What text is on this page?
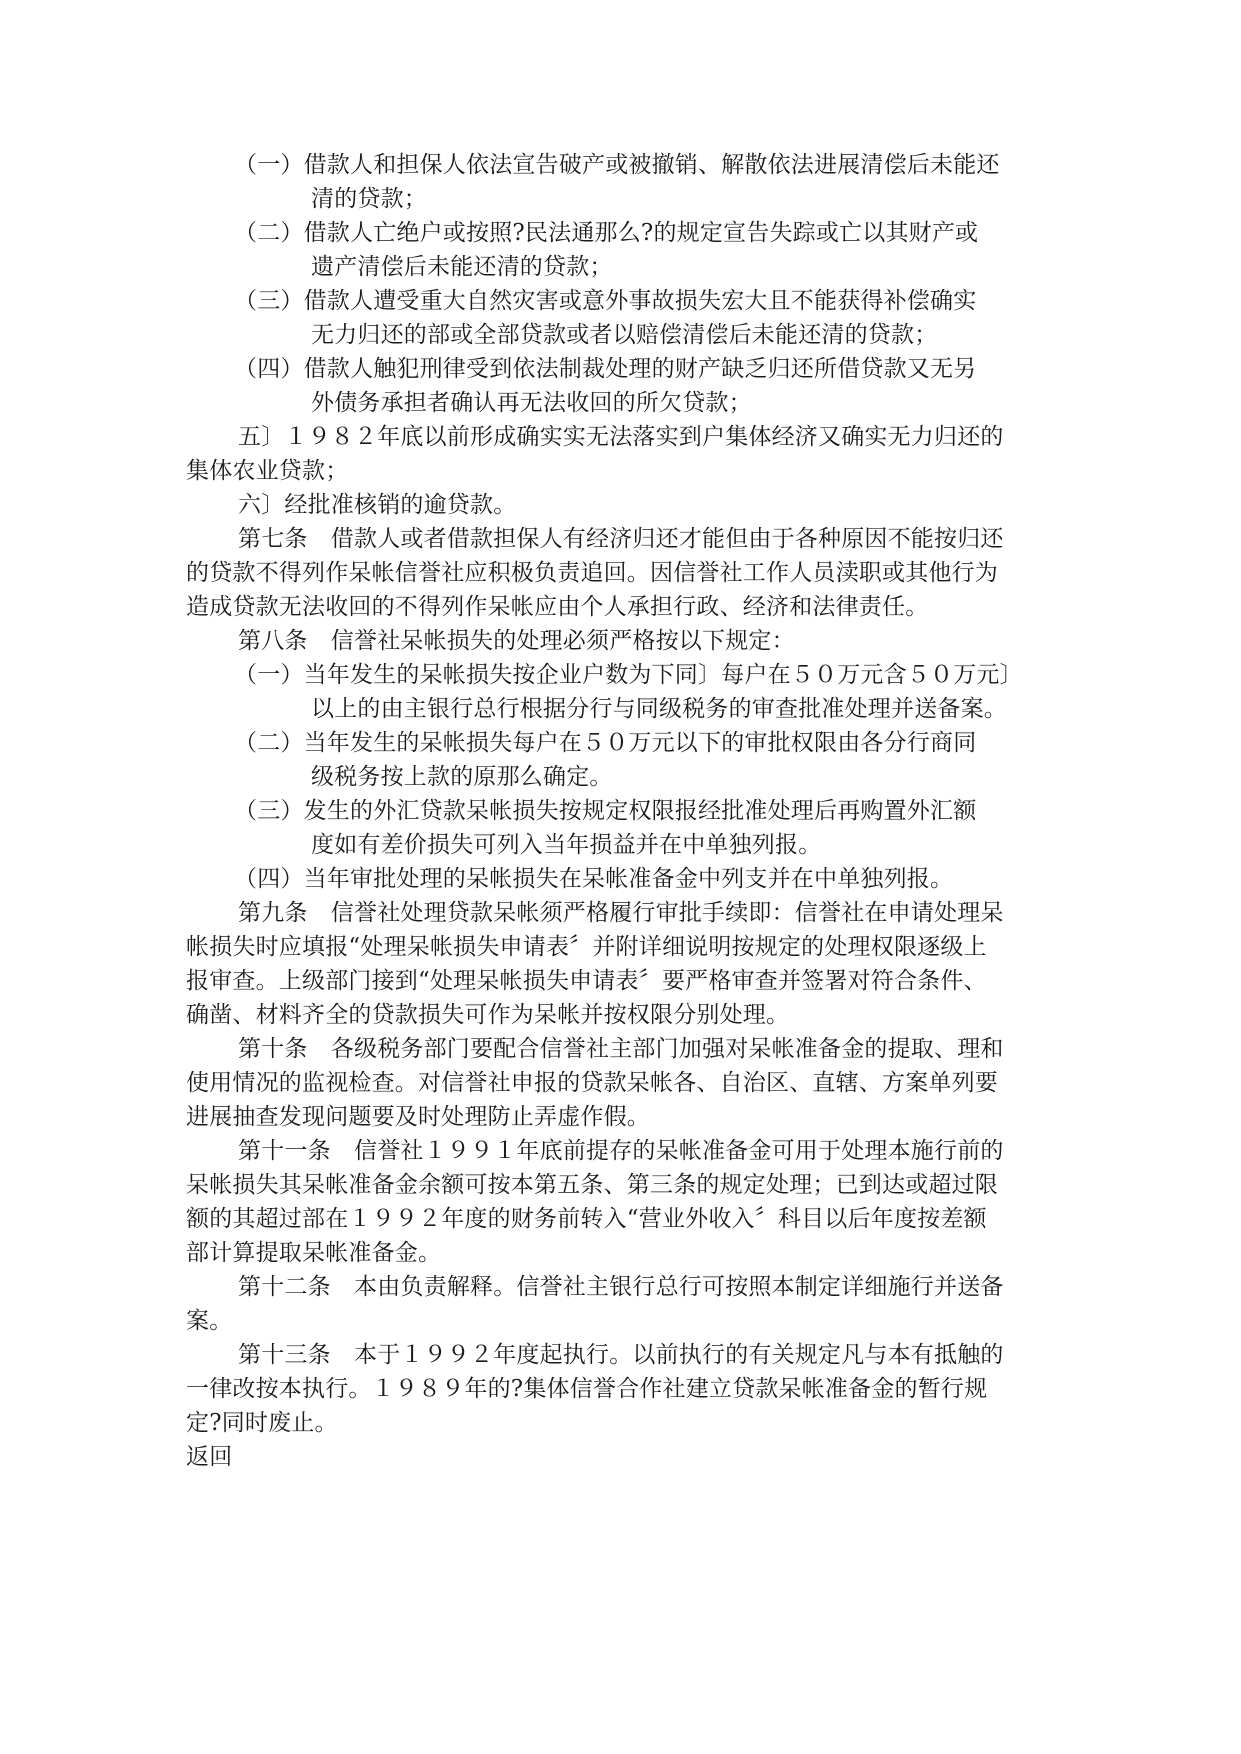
（一）借款人和担保人依法宣告破产或被撤销、解散依法进展清偿后未能还
清的贷款；
（二）借款人亡绝户或按照?民法通那么?的规定宣告失踪或亡以其财产或
遗产清偿后未能还清的贷款；
（三）借款人遭受重大自然灾害或意外事故损失宏大且不能获得补偿确实
无力归还的部或全部贷款或者以赔偿清偿后未能还清的贷款；
（四）借款人触犯刑律受到依法制裁处理的财产缺乏归还所借贷款又无另
外债务承担者确认再无法收回的所欠贷款；
五〕１９８２年底以前形成确实实无法落实到户集体经济又确实无力归还的
集体农业贷款；
六〕经批准核销的逾贷款。
第七条　借款人或者借款担保人有经济归还才能但由于各种原因不能按归还
的贷款不得列作呆帐信誉社应积极负责追回。因信誉社工作人员渎职或其他行为
造成贷款无法收回的不得列作呆帐应由个人承担行政、经济和法律责任。
第八条　信誉社呆帐损失的处理必须严格按以下规定：
（一）当年发生的呆帐损失按企业户数为下同〕每户在５０万元含５０万元〕
以上的由主银行总行根据分行与同级税务的审查批准处理并送备案。
（二）当年发生的呆帐损失每户在５０万元以下的审批权限由各分行商同
级税务按上款的原那么确定。
（三）发生的外汇贷款呆帐损失按规定权限报经批准处理后再购置外汇额
度如有差价损失可列入当年损益并在中单独列报。
（四）当年审批处理的呆帐损失在呆帐准备金中列支并在中单独列报。
第九条　信誉社处理贷款呆帐须严格履行审批手续即：信誉社在申请处理呆
帐损失时应填报“处理呆帐损失申请表〞并附详细说明按规定的处理权限逐级上
报审查。上级部门接到“处理呆帐损失申请表〞要严格审查并签署对符合条件、
确凿、材料齐全的贷款损失可作为呆帐并按权限分别处理。
第十条　各级税务部门要配合信誉社主部门加强对呆帐准备金的提取、理和
使用情况的监视检查。对信誉社申报的贷款呆帐各、自治区、直辖、方案单列要
进展抽查发现问题要及时处理防止弄虚作假。
第十一条　信誉社１９９１年底前提存的呆帐准备金可用于处理本施行前的
呆帐损失其呆帐准备金余额可按本第五条、第三条的规定处理；已到达或超过限
额的其超过部在１９９２年度的财务前转入“营业外收入〞科目以后年度按差额
部计算提取呆帐准备金。
第十二条　本由负责解释。信誉社主银行总行可按照本制定详细施行并送备
案。
第十三条　本于１９９２年度起执行。以前执行的有关规定凡与本有抵触的
一律改按本执行。１９８９年的?集体信誉合作社建立贷款呆帐准备金的暂行规
定?同时废止。
返回
